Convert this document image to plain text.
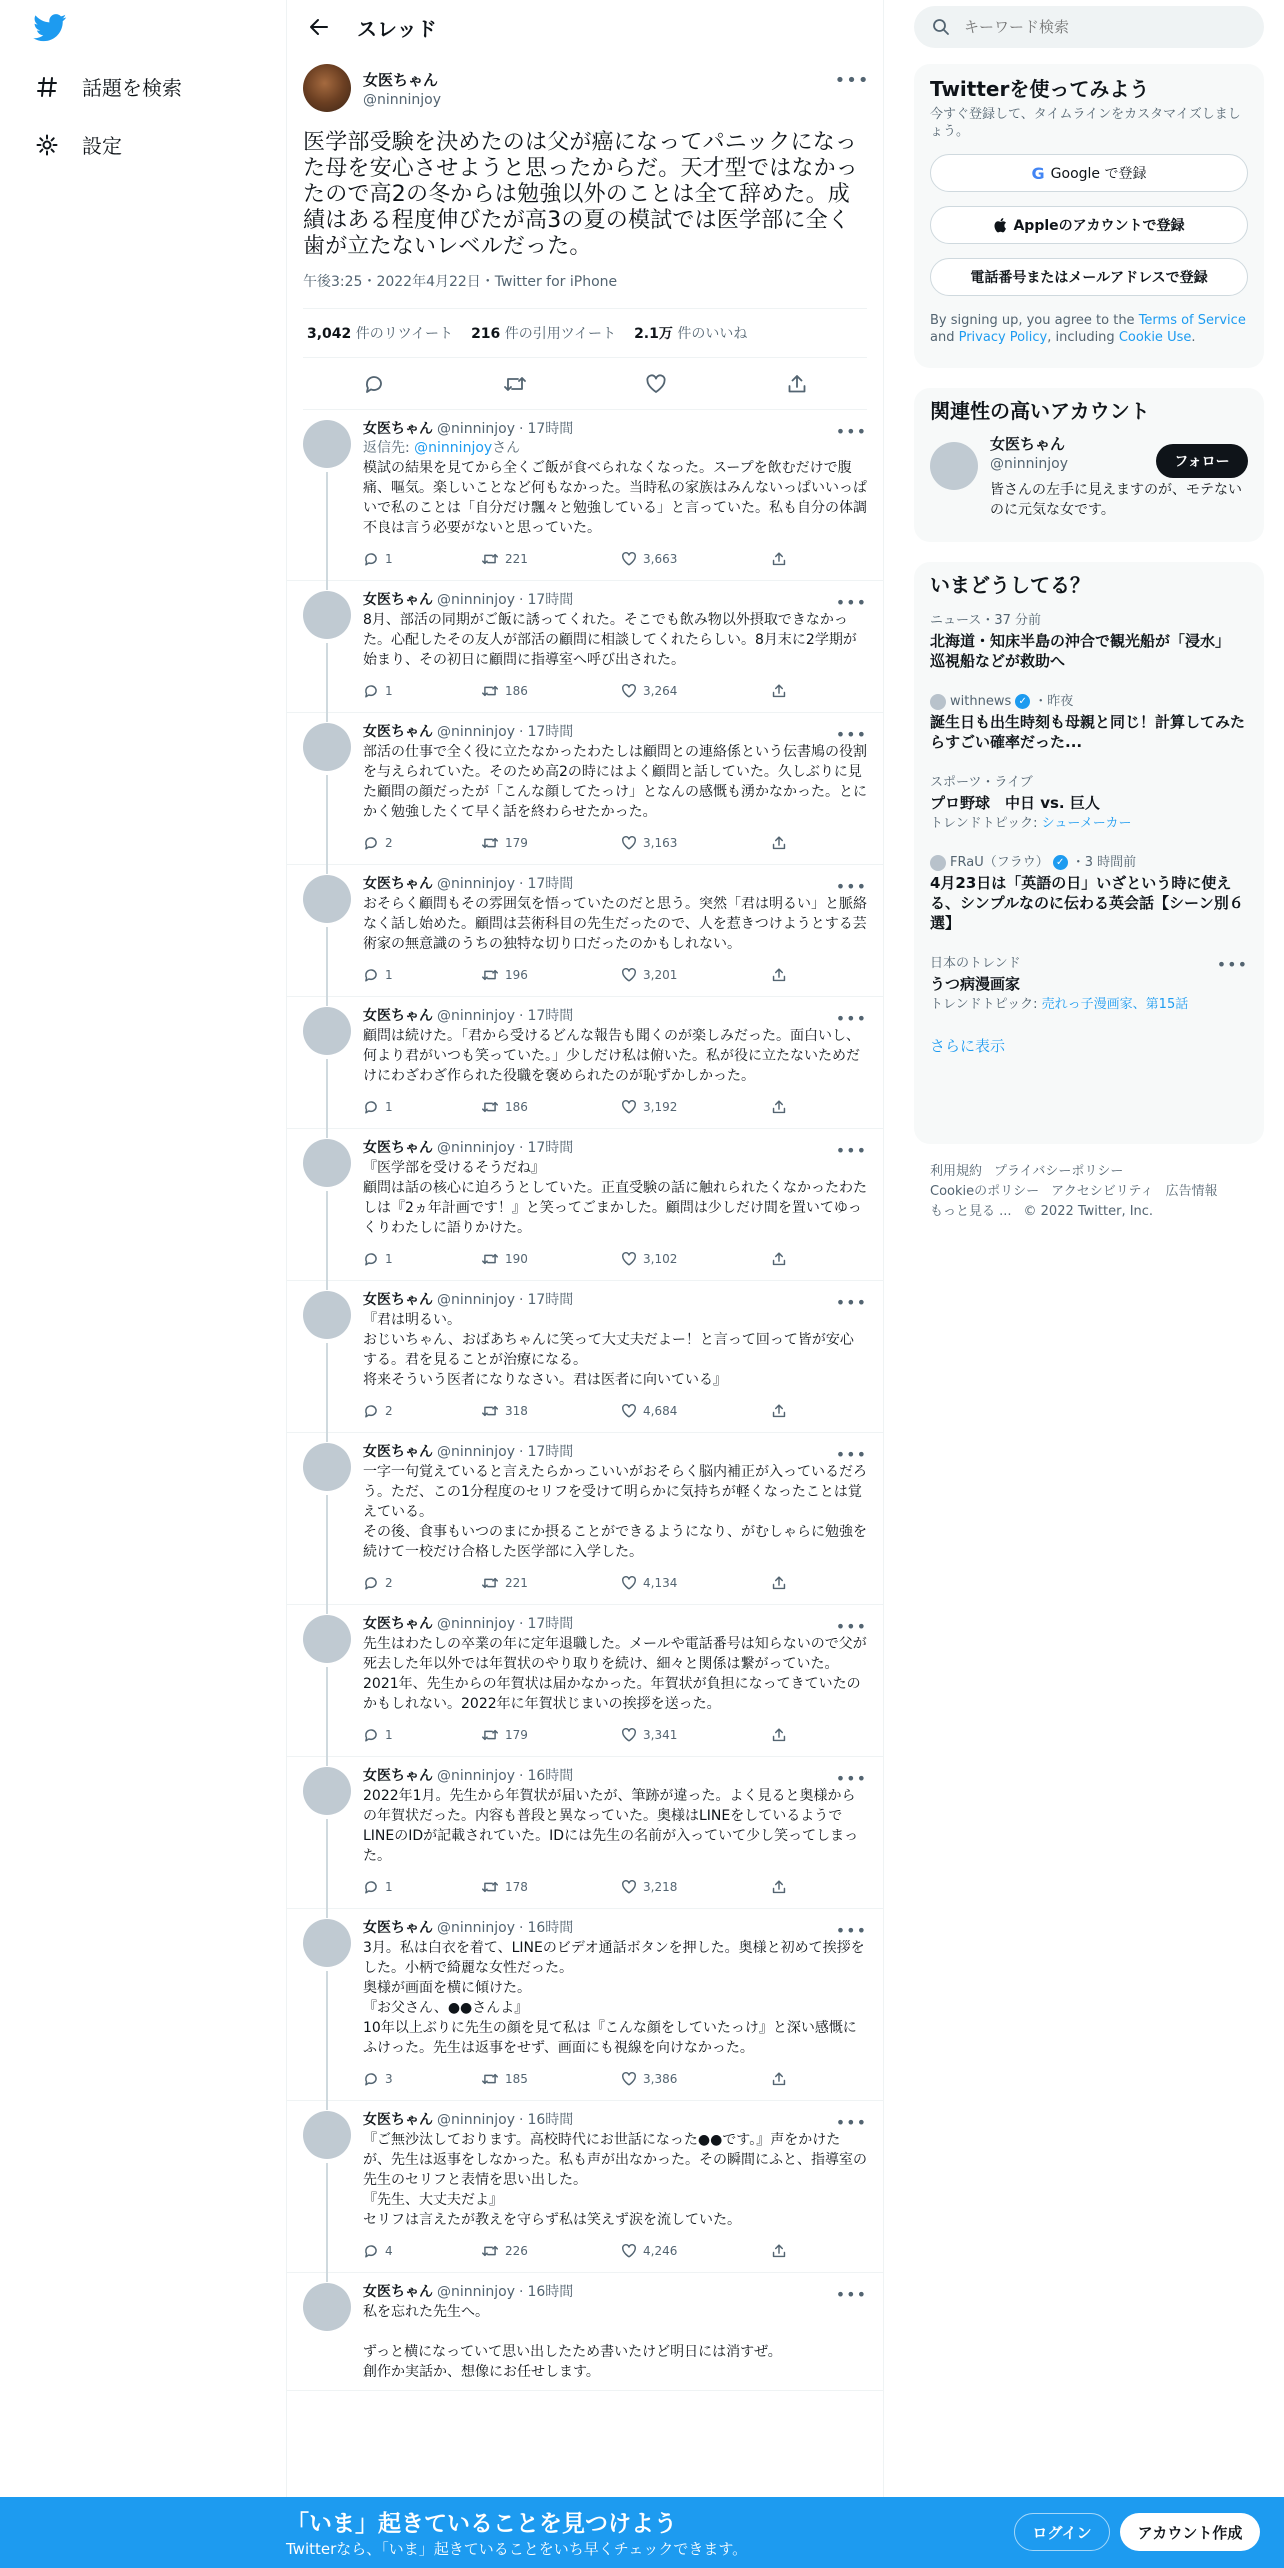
話題を検索
設定
スレッド
女医ちゃん
@ninninjoy
•••
医学部受験を決めたのは父が癌になってパニックになった母を安心させようと思ったからだ。天才型ではなかったので高2の冬からは勉強以外のことは全て辞めた。成績はある程度伸びたが高3の夏の模試では医学部に全く歯が立たないレベルだった。
午後3:25・2022年4月22日・Twitter for iPhone
3,042 件のリツイート 216 件の引用ツイート 2.1万 件のいいね
•••
女医ちゃん @ninninjoy · 17時間
返信先: @ninninjoyさん
模試の結果を見てから全くご飯が食べられなくなった。スープを飲むだけで腹痛、嘔気。楽しいことなど何もなかった。当時私の家族はみんないっぱいいっぱいで私のことは「自分だけ飄々と勉強している」と言っていた。私も自分の体調不良は言う必要がないと思っていた。
1	221	3,663
•••
女医ちゃん @ninninjoy · 17時間
8月、部活の同期がご飯に誘ってくれた。そこでも飲み物以外摂取できなかった。心配したその友人が部活の顧問に相談してくれたらしい。8月末に2学期が始まり、その初日に顧問に指導室へ呼び出された。
1	186	3,264
•••
女医ちゃん @ninninjoy · 17時間
部活の仕事で全く役に立たなかったわたしは顧問との連絡係という伝書鳩の役割を与えられていた。そのため高2の時にはよく顧問と話していた。久しぶりに見た顧問の顔だったが「こんな顔してたっけ」となんの感慨も湧かなかった。とにかく勉強したくて早く話を終わらせたかった。
2	179	3,163
•••
女医ちゃん @ninninjoy · 17時間
おそらく顧問もその雰囲気を悟っていたのだと思う。突然「君は明るい」と脈絡なく話し始めた。顧問は芸術科目の先生だったので、人を惹きつけようとする芸術家の無意識のうちの独特な切り口だったのかもしれない。
1	196	3,201
•••
女医ちゃん @ninninjoy · 17時間
顧問は続けた。「君から受けるどんな報告も聞くのが楽しみだった。面白いし、何より君がいつも笑っていた。」少しだけ私は俯いた。私が役に立たないためだけにわざわざ作られた役職を褒められたのが恥ずかしかった。
1	186	3,192
•••
女医ちゃん @ninninjoy · 17時間
『医学部を受けるそうだね』
顧問は話の核心に迫ろうとしていた。正直受験の話に触れられたくなかったわたしは『2ヵ年計画です！』と笑ってごまかした。顧問は少しだけ間を置いてゆっくりわたしに語りかけた。
1	190	3,102
•••
女医ちゃん @ninninjoy · 17時間
『君は明るい。
おじいちゃん、おばあちゃんに笑って大丈夫だよー！と言って回って皆が安心する。君を見ることが治療になる。
将来そういう医者になりなさい。君は医者に向いている』
2	318	4,684
•••
女医ちゃん @ninninjoy · 17時間
一字一句覚えていると言えたらかっこいいがおそらく脳内補正が入っているだろう。ただ、この1分程度のセリフを受けて明らかに気持ちが軽くなったことは覚えている。
その後、食事もいつのまにか摂ることができるようになり、がむしゃらに勉強を続けて一校だけ合格した医学部に入学した。
2	221	4,134
•••
女医ちゃん @ninninjoy · 17時間
先生はわたしの卒業の年に定年退職した。メールや電話番号は知らないので父が死去した年以外では年賀状のやり取りを続け、細々と関係は繋がっていた。2021年、先生からの年賀状は届かなかった。年賀状が負担になってきていたのかもしれない。2022年に年賀状じまいの挨拶を送った。
1	179	3,341
•••
女医ちゃん @ninninjoy · 16時間
2022年1月。先生から年賀状が届いたが、筆跡が違った。よく見ると奥様からの年賀状だった。内容も普段と異なっていた。奥様はLINEをしているようでLINEのIDが記載されていた。IDには先生の名前が入っていて少し笑ってしまった。
1	178	3,218
•••
女医ちゃん @ninninjoy · 16時間
3月。私は白衣を着て、LINEのビデオ通話ボタンを押した。奥様と初めて挨拶をした。小柄で綺麗な女性だった。
奥様が画面を横に傾けた。
『お父さん、●●さんよ』
10年以上ぶりに先生の顔を見て私は『こんな顔をしていたっけ』と深い感慨にふけった。先生は返事をせず、画面にも視線を向けなかった。
3	185	3,386
•••
女医ちゃん @ninninjoy · 16時間
『ご無沙汰しております。高校時代にお世話になった●●です。』声をかけたが、先生は返事をしなかった。私も声が出なかった。その瞬間にふと、指導室の先生のセリフと表情を思い出した。
『先生、大丈夫だよ』
セリフは言えたが教えを守らず私は笑えず涙を流していた。
4	226	4,246
•••
女医ちゃん @ninninjoy · 16時間
私を忘れた先生へ。

ずっと横になっていて思い出したため書いたけど明日には消すぜ。
創作か実話か、想像にお任せします。
キーワード検索
Twitterを使ってみよう
今すぐ登録して、タイムラインをカスタマイズしましょう。
G Google で登録
Appleのアカウントで登録
電話番号またはメールアドレスで登録
By signing up, you agree to the Terms of Service and Privacy Policy, including Cookie Use.
関連性の高いアカウント
女医ちゃん
@ninninjoy
皆さんの左手に見えますのが、モテないのに元気な女です。
フォロー
いまどうしてる？
ニュース・37 分前
北海道・知床半島の沖合で観光船が「浸水」 巡視船などが救助へ
withnews ✓ ・昨夜
誕生日も出生時刻も母親と同じ！計算してみたらすごい確率だった...
スポーツ・ライブ
プロ野球　中日 vs. 巨人
トレンドトピック: シューメーカー
FRaU（フラウ） ✓ ・3 時間前
4月23日は「英語の日」いざという時に使える、シンプルなのに伝わる英会話【シーン別６選】
日本のトレンド
うつ病漫画家
トレンドトピック: 売れっ子漫画家、第15話
•••
さらに表示
利用規約 プライバシーポリシー
Cookieのポリシー アクセシビリティ 広告情報
もっと見る ... © 2022 Twitter, Inc.
「いま」起きていることを見つけよう
Twitterなら、「いま」起きていることをいち早くチェックできます。
ログイン	アカウント作成
